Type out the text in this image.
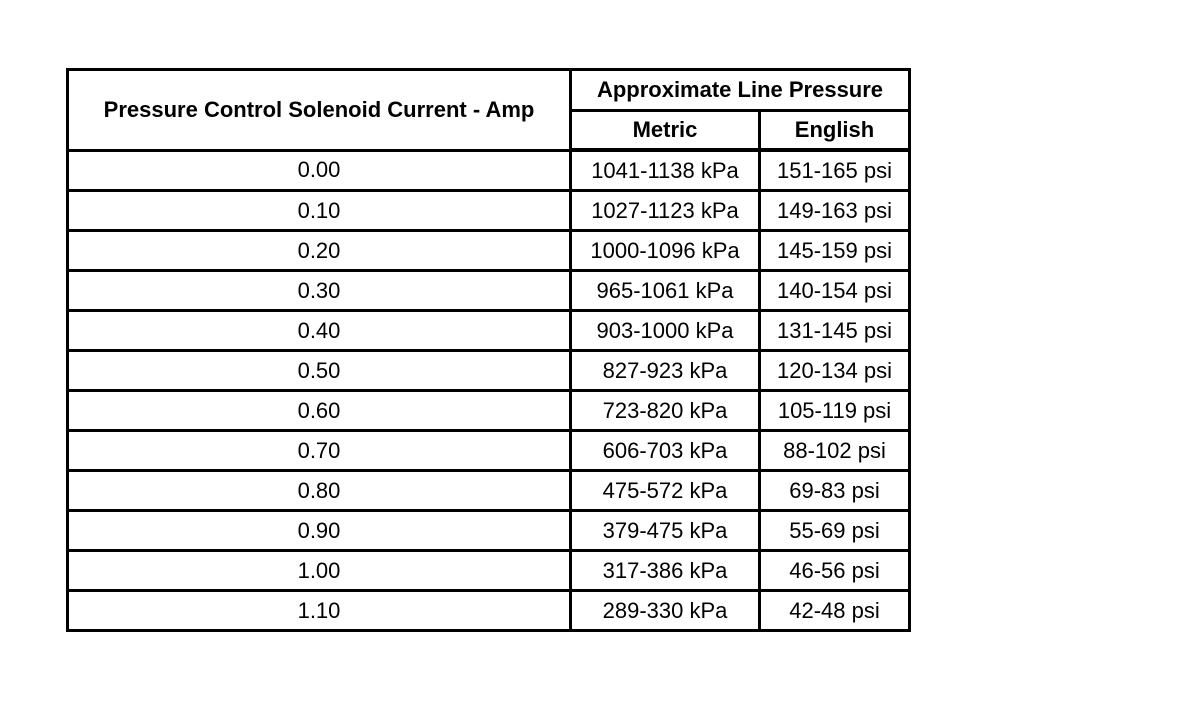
Pressure Control Solenoid Current - Amp	Approximate Line Pressure	
	Metric	English
0.00	1041-1138 kPa	151-165 psi
0.10	1027-1123 kPa	149-163 psi
0.20	1000-1096 kPa	145-159 psi
0.30	965-1061 kPa	140-154 psi
0.40	903-1000 kPa	131-145 psi
0.50	827-923 kPa	120-134 psi
0.60	723-820 kPa	105-119 psi
0.70	606-703 kPa	88-102 psi
0.80	475-572 kPa	69-83 psi
0.90	379-475 kPa	55-69 psi
1.00	317-386 kPa	46-56 psi
1.10	289-330 kPa	42-48 psi
